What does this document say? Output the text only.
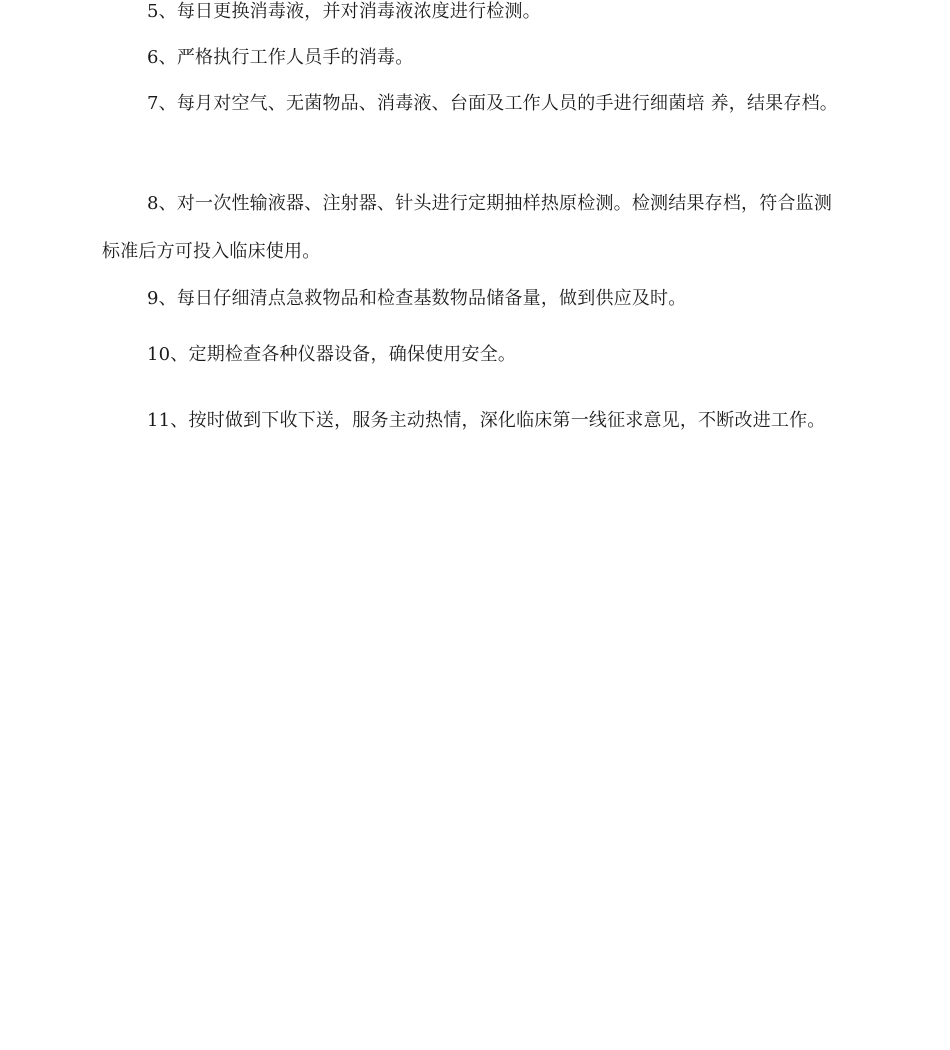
5、每日更换消毒液，并对消毒液浓度进行检测。

6、严格执行工作人员手的消毒。

7、每月对空气、无菌物品、消毒液、台面及工作人员的手进行细菌培 养，结果存档。

8、对一次性输液器、注射器、针头进行定期抽样热原检测。检测结果存档，符合监测标准后方可投入临床使用。

9、每日仔细清点急救物品和检查基数物品储备量，做到供应及时。

10、定期检查各种仪器设备，确保使用安全。

11、按时做到下收下送，服务主动热情，深化临床第一线征求意见，不断改进工作。
